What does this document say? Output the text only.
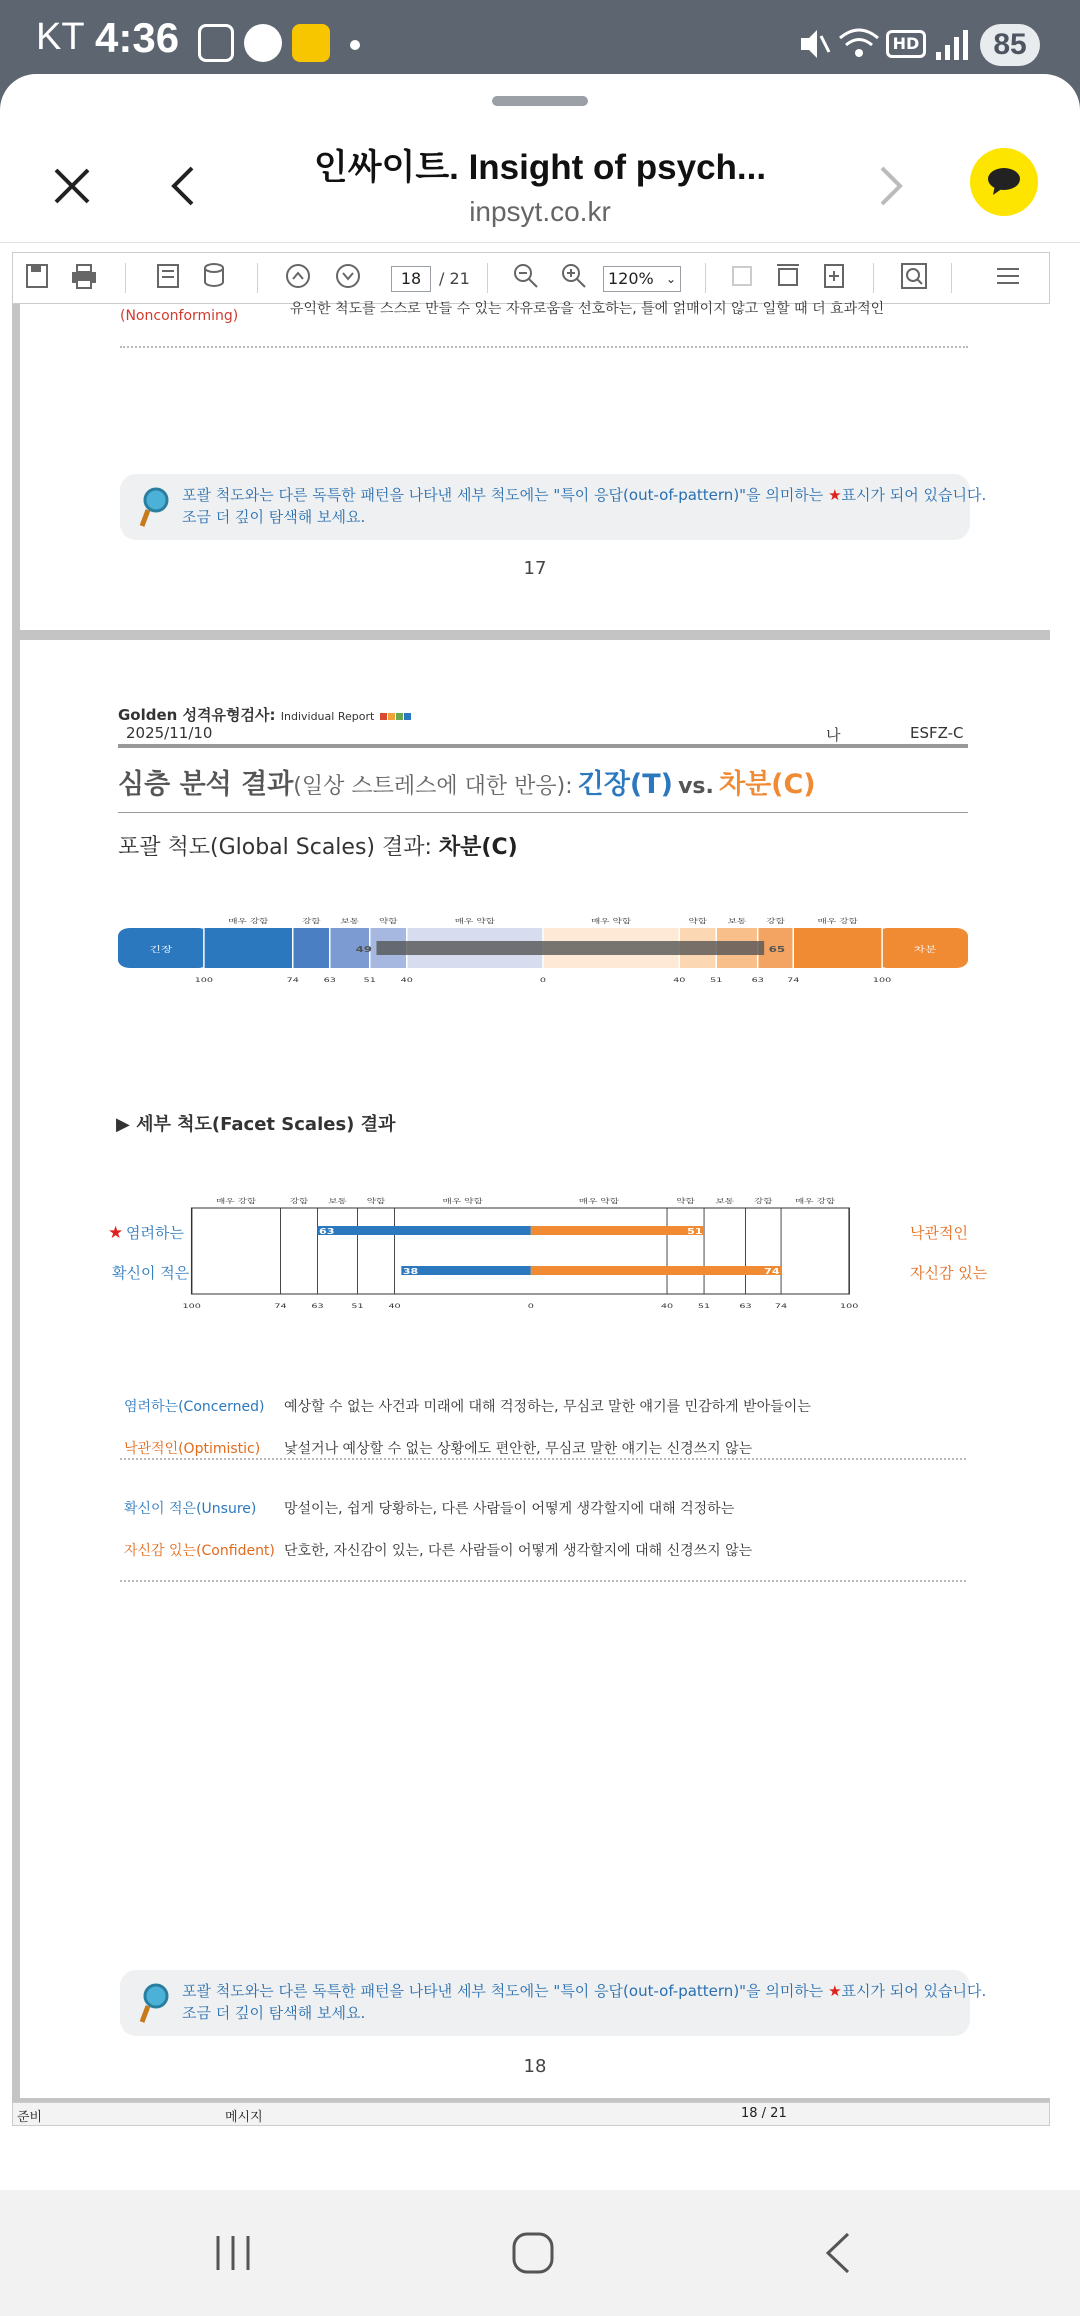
KT 4:36	HD	85
인싸이트. Insight of psych...
inpsyt.co.kr
18	/ 21	120% ⌄
(Nonconforming)	유익한 척도를 스스로 만들 수 있는 자유로움을 선호하는, 틀에 얽매이지 않고 일할 때 더 효과적인
포괄 척도와는 다른 독특한 패턴을 나타낸 세부 척도에는 "특이 응답(out-of-pattern)"을 의미하는 ★표시가 되어 있습니다.
조금 더 깊이 탐색해 보세요.
17
Golden 성격유형검사: Individual Report
2025/11/10	나	ESFZ-C
심층 분석 결과(일상 스트레스에 대한 반응): 긴장(T) vs. 차분(C)
포괄 척도(Global Scales) 결과: 차분(C)
매우 강함	강함	보통	약함	매우 약함	매우 약함	약함	보통	강함	매우 강함
49	65
긴장	차분
100	74	63	51	40	0	40	51	63	74	100
▶ 세부 척도(Facet Scales) 결과
매우 강함	강함	보통	약함	매우 약함	매우 약함	약함	보통	강함	매우 강함
100	74	63	51	40	0	40	51	63	74	100
63	51
38	74
★ 염려하는	낙관적인
확신이 적은	자신감 있는
염려하는(Concerned) 예상할 수 없는 사건과 미래에 대해 걱정하는, 무심코 말한 얘기를 민감하게 받아들이는
낙관적인(Optimistic) 낯설거나 예상할 수 없는 상황에도 편안한, 무심코 말한 얘기는 신경쓰지 않는
확신이 적은(Unsure) 망설이는, 쉽게 당황하는, 다른 사람들이 어떻게 생각할지에 대해 걱정하는
자신감 있는(Confident) 단호한, 자신감이 있는, 다른 사람들이 어떻게 생각할지에 대해 신경쓰지 않는
포괄 척도와는 다른 독특한 패턴을 나타낸 세부 척도에는 "특이 응답(out-of-pattern)"을 의미하는 ★표시가 되어 있습니다.
조금 더 깊이 탐색해 보세요.
18
준비	메시지	18 / 21
